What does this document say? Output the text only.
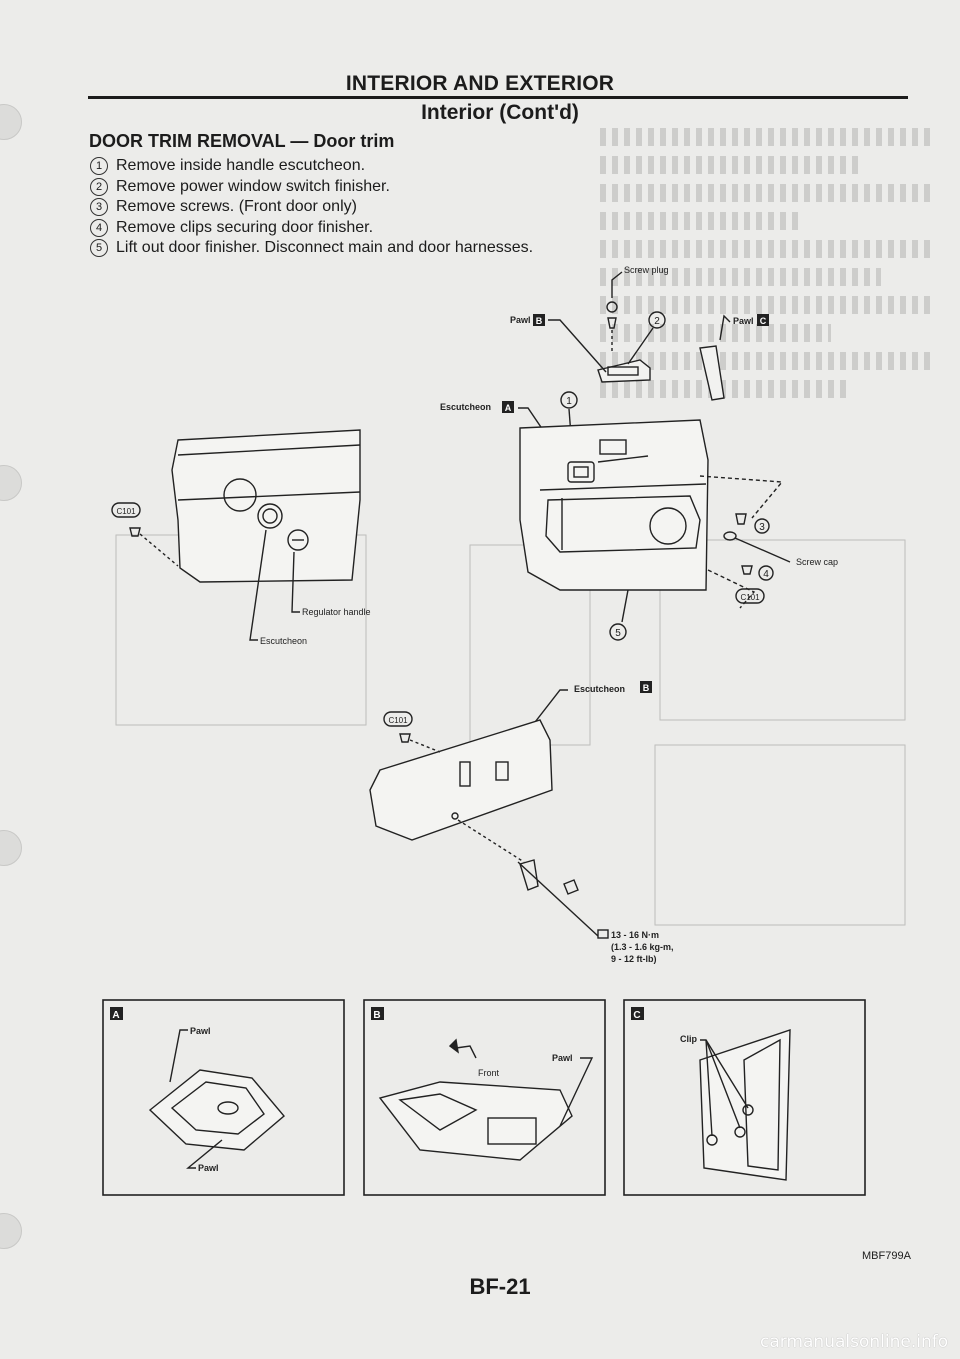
INTERIOR AND EXTERIOR
Interior (Cont'd)
DOOR TRIM REMOVAL — Door trim
1 Remove inside handle escutcheon.
2 Remove power window switch finisher.
3 Remove screws. (Front door only)
4 Remove clips securing door finisher.
5 Lift out door finisher. Disconnect main and door harnesses.
Screw plug
Pawl B	2	Pawl C
Escutcheon A
1
C101
Regulator handle
Escutcheon
3
Screw cap
4
C101
5
Escutcheon B
C101
13 - 16 N·m
(1.3 - 1.6 kg-m,
9 - 12 ft-lb)
A
Pawl
Pawl
B
Front
Pawl
C
Clip
MBF799A
BF-21
carmanualsonline.info
